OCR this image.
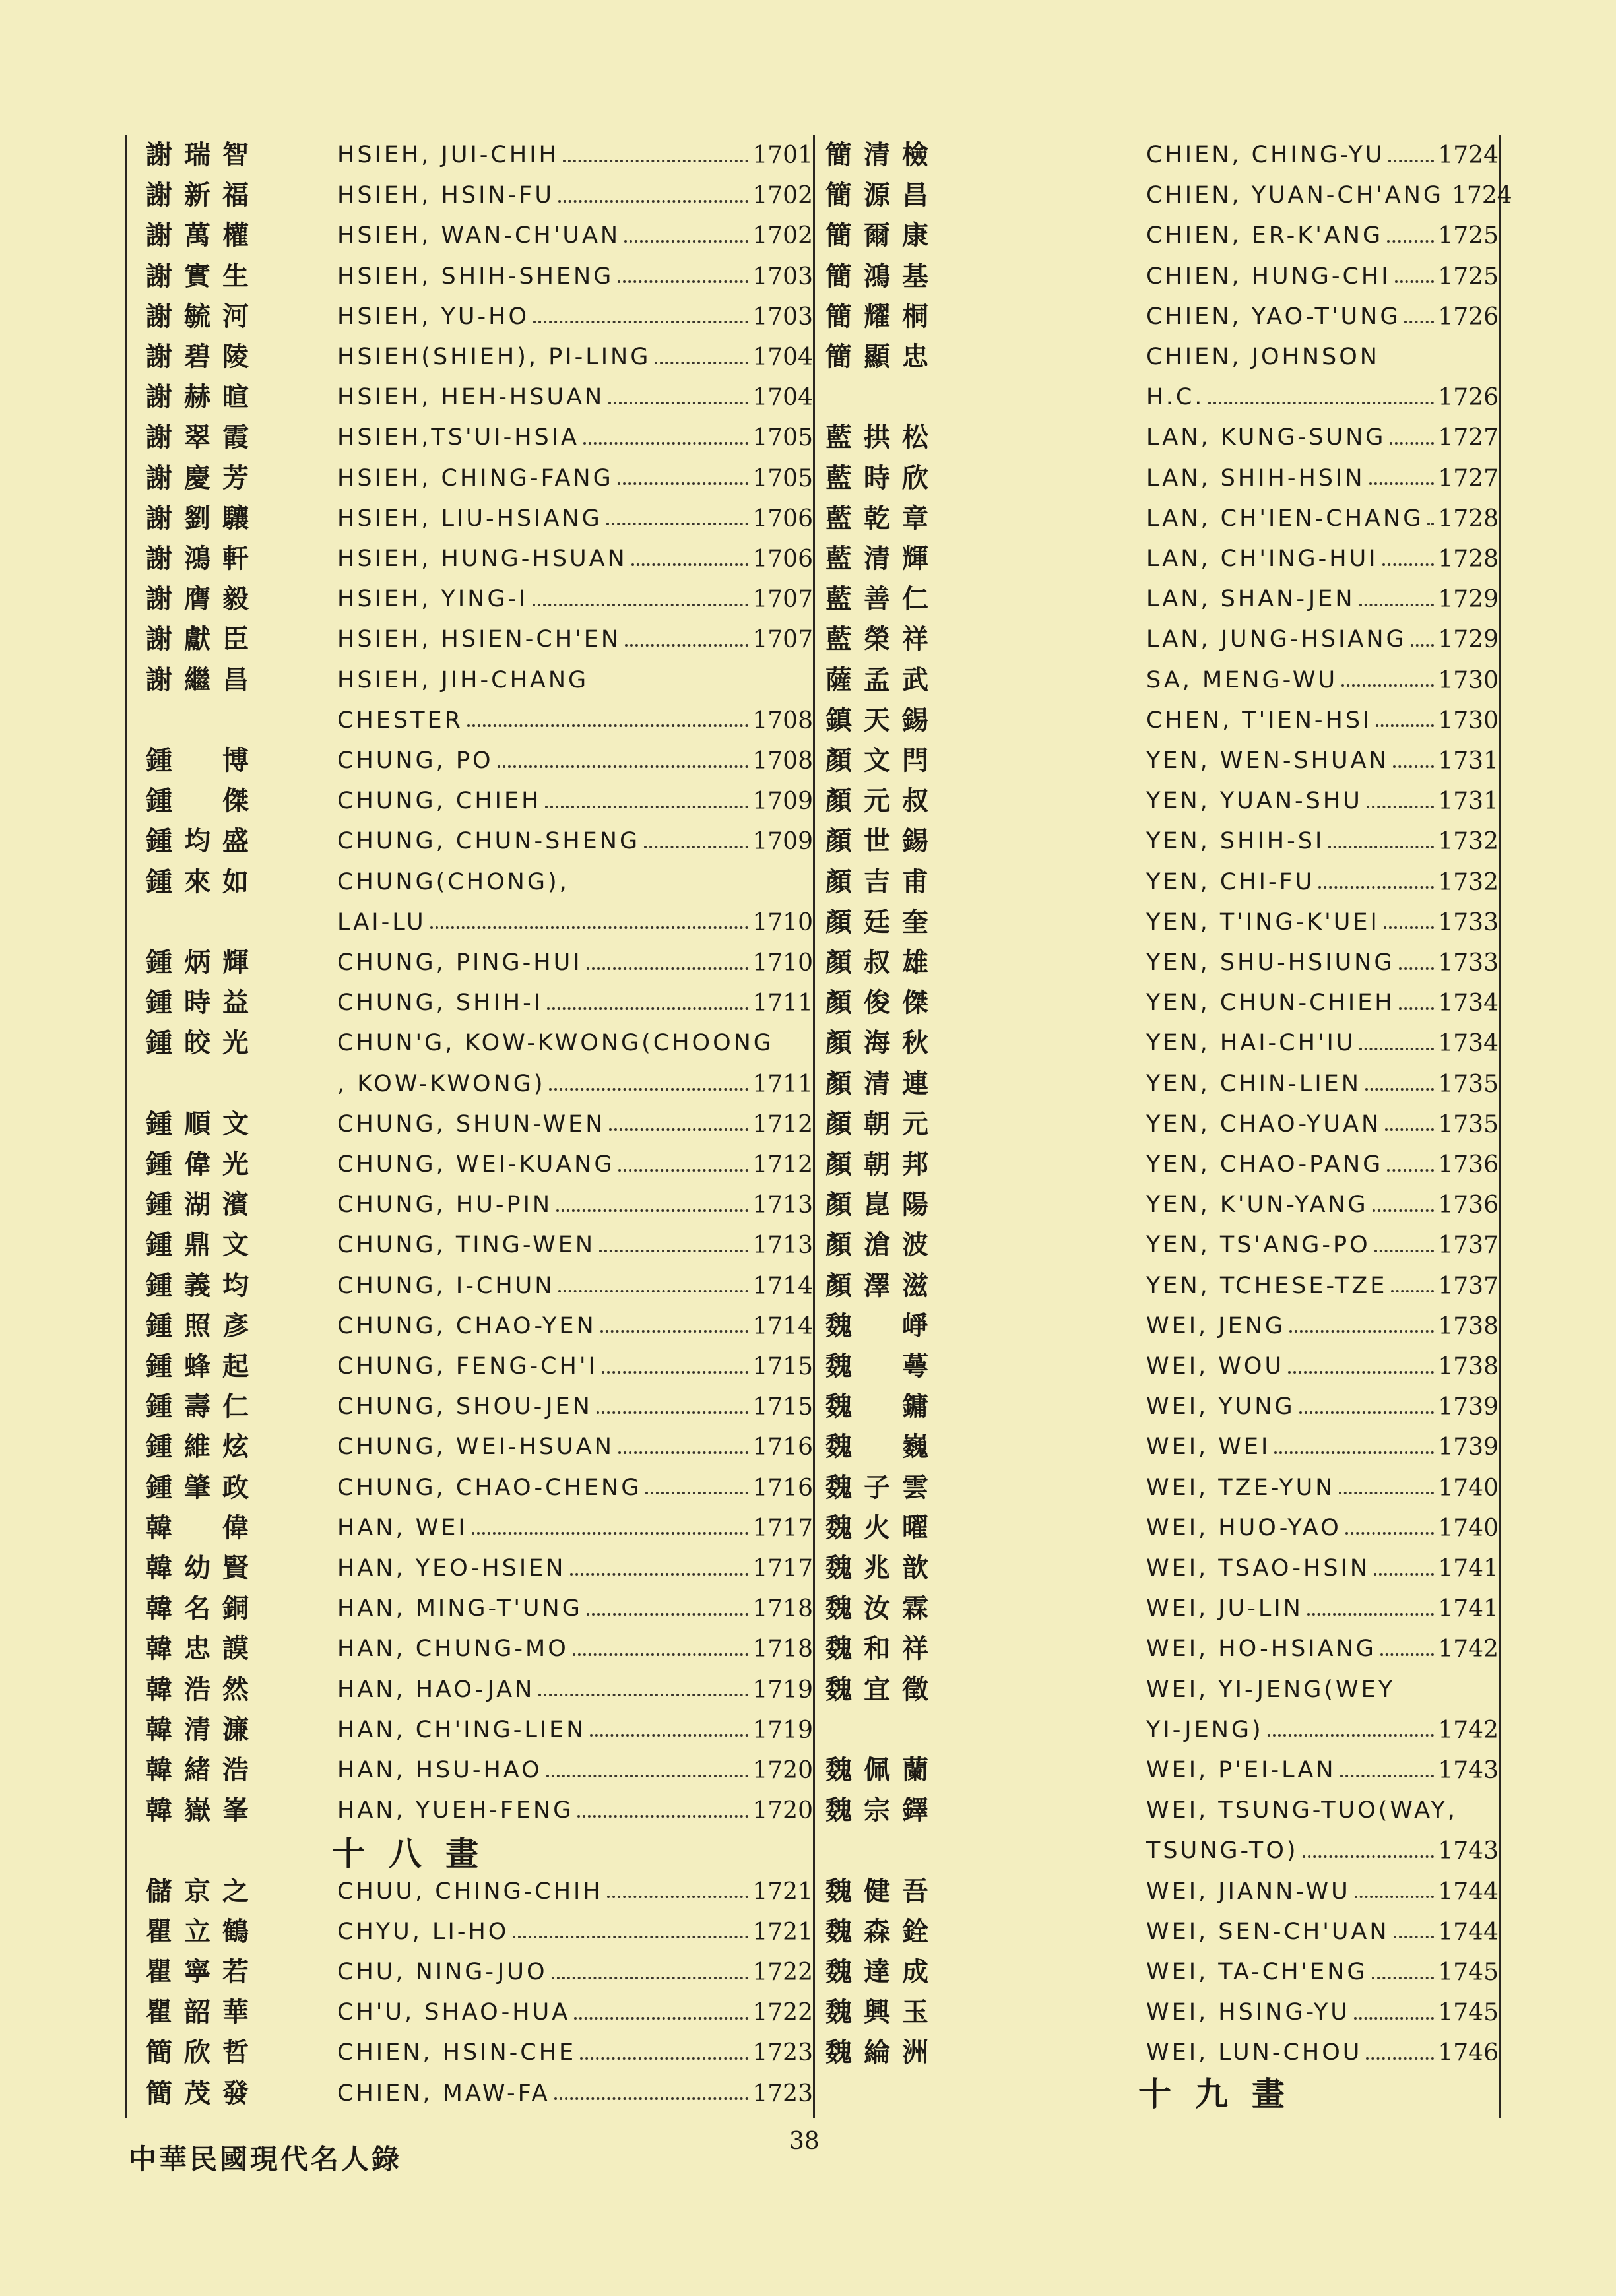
謝瑞智	HSIEH, JUI-CHIH	1701
謝新福	HSIEH, HSIN-FU	1702
謝萬權	HSIEH, WAN-CH'UAN	1702
謝實生	HSIEH, SHIH-SHENG	1703
謝毓河	HSIEH, YU-HO	1703
謝碧陵	HSIEH(SHIEH), PI-LING	1704
謝赫暄	HSIEH, HEH-HSUAN	1704
謝翠霞	HSIEH,TS'UI-HSIA	1705
謝慶芳	HSIEH, CHING-FANG	1705
謝劉驤	HSIEH, LIU-HSIANG	1706
謝鴻軒	HSIEH, HUNG-HSUAN	1706
謝膺毅	HSIEH, YING-I	1707
謝獻臣	HSIEH, HSIEN-CH'EN	1707
謝繼昌	HSIEH, JIH-CHANG
CHESTER	1708
鍾　博	CHUNG, PO	1708
鍾　傑	CHUNG, CHIEH	1709
鍾均盛	CHUNG, CHUN-SHENG	1709
鍾來如	CHUNG(CHONG),
LAI-LU	1710
鍾炳輝	CHUNG, PING-HUI	1710
鍾時益	CHUNG, SHIH-I	1711
鍾皎光	CHUN'G, KOW-KWONG(CHOONG
, KOW-KWONG)	1711
鍾順文	CHUNG, SHUN-WEN	1712
鍾偉光	CHUNG, WEI-KUANG	1712
鍾湖濱	CHUNG, HU-PIN	1713
鍾鼎文	CHUNG, TING-WEN	1713
鍾義均	CHUNG, I-CHUN	1714
鍾照彥	CHUNG, CHAO-YEN	1714
鍾蜂起	CHUNG, FENG-CH'I	1715
鍾壽仁	CHUNG, SHOU-JEN	1715
鍾維炫	CHUNG, WEI-HSUAN	1716
鍾肇政	CHUNG, CHAO-CHENG	1716
韓　偉	HAN, WEI	1717
韓幼賢	HAN, YEO-HSIEN	1717
韓名銅	HAN, MING-T'UNG	1718
韓忠謨	HAN, CHUNG-MO	1718
韓浩然	HAN, HAO-JAN	1719
韓清濂	HAN, CH'ING-LIEN	1719
韓緒浩	HAN, HSU-HAO	1720
韓嶽峯	HAN, YUEH-FENG	1720
十八畫
儲京之	CHUU, CHING-CHIH	1721
瞿立鶴	CHYU, LI-HO	1721
瞿寧若	CHU, NING-JUO	1722
瞿韶華	CH'U, SHAO-HUA	1722
簡欣哲	CHIEN, HSIN-CHE	1723
簡茂發	CHIEN, MAW-FA	1723
簡清檢	CHIEN, CHING-YU 1724
簡源昌	CHIEN, YUAN-CH'ANG 1724
簡爾康	CHIEN, ER-K'ANG 1725
簡鴻基	CHIEN, HUNG-CHI 1725
簡耀桐	CHIEN, YAO-T'UNG 1726
簡顯忠	CHIEN, JOHNSON
H.C.	1726
藍拱松	LAN, KUNG-SUNG 1727
藍時欣	LAN, SHIH-HSIN	1727
藍乾章	LAN, CH'IEN-CHANG 1728
藍清輝	LAN, CH'ING-HUI	1728
藍善仁	LAN, SHAN-JEN	1729
藍榮祥	LAN, JUNG-HSIANG 1729
薩孟武	SA, MENG-WU	1730
鎮天錫	CHEN, T'IEN-HSI	1730
顏文閂	YEN, WEN-SHUAN 1731
顏元叔	YEN, YUAN-SHU	1731
顏世錫	YEN, SHIH-SI	1732
顏吉甫	YEN, CHI-FU	1732
顏廷奎	YEN, T'ING-K'UEI 1733
顏叔雄	YEN, SHU-HSIUNG 1733
顏俊傑	YEN, CHUN-CHIEH 1734
顏海秋	YEN, HAI-CH'IU	1734
顏清連	YEN, CHIN-LIEN	1735
顏朝元	YEN, CHAO-YUAN 1735
顏朝邦	YEN, CHAO-PANG 1736
顏崑陽	YEN, K'UN-YANG	1736
顏滄波	YEN, TS'ANG-PO	1737
顏澤滋	YEN, TCHESE-TZE 1737
魏　崢	WEI, JENG	1738
魏　蕚	WEI, WOU	1738
魏　鏞	WEI, YUNG	1739
魏　巍	WEI, WEI	1739
魏子雲	WEI, TZE-YUN	1740
魏火曜	WEI, HUO-YAO	1740
魏兆歆	WEI, TSAO-HSIN	1741
魏汝霖	WEI, JU-LIN	1741
魏和祥	WEI, HO-HSIANG	1742
魏宜徵	WEI, YI-JENG(WEY
YI-JENG)	1742
魏佩蘭	WEI, P'EI-LAN	1743
魏宗鐸	WEI, TSUNG-TUO(WAY,
TSUNG-TO)	1743
魏健吾	WEI, JIANN-WU	1744
魏森銓	WEI, SEN-CH'UAN 1744
魏達成	WEI, TA-CH'ENG	1745
魏興玉	WEI, HSING-YU	1745
魏綸洲	WEI, LUN-CHOU	1746
十九畫
中華民國現代名人錄
38
